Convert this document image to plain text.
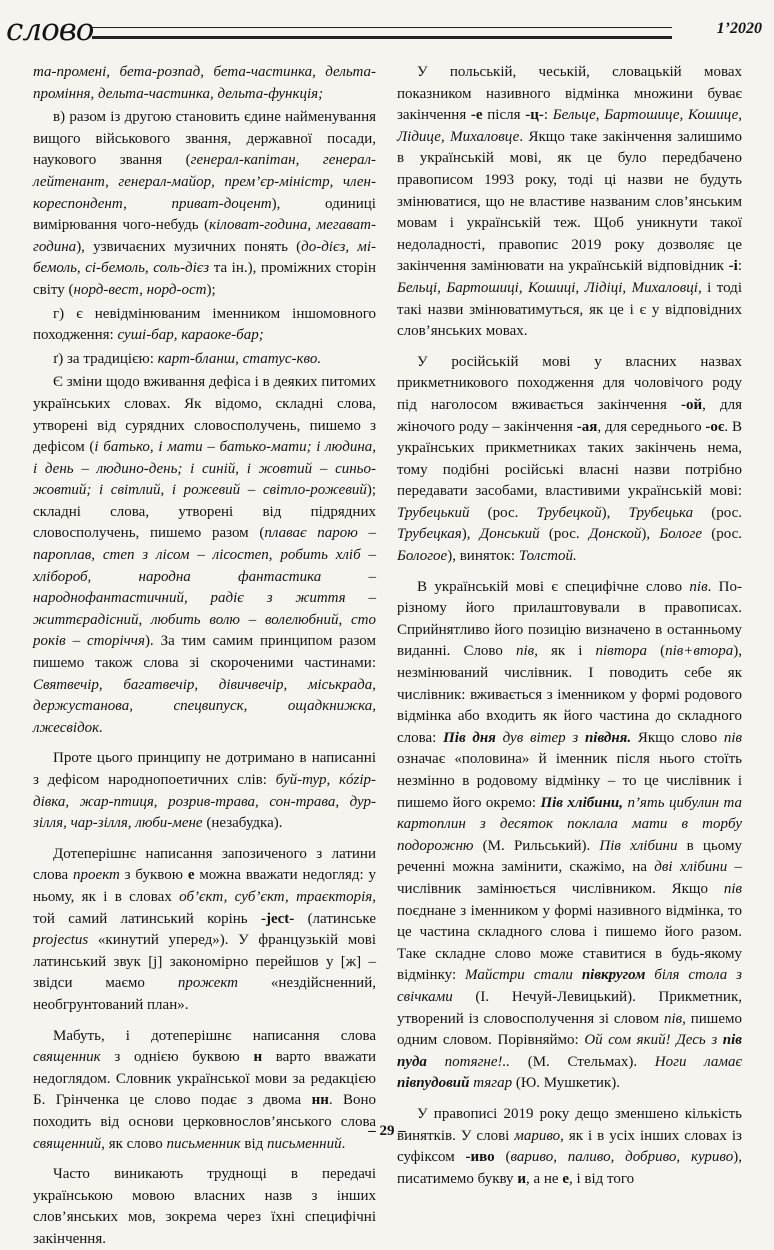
слово	1’2020

та-промені, бета-розпад, бета-частинка, дельта-проміння, дельта-частинка, дельта-функція;

в) разом із другою становить єдине найменування вищого військового звання, державної посади, наукового звання (генерал-капітан, генерал-лейтенант, генерал-майор, прем’єр-міністр, член-кореспондент, приват-доцент), одиниці вимірювання чого-небудь (кіловат-година, мегават-година), узвичаєних музичних понять (до-дієз, мі-бемоль, сі-бемоль, соль-дієз та ін.), проміжних сторін світу (норд-вест, норд-ост);

г) є невідмінюваним іменником іншомовного походження: суші-бар, караоке-бар;

ґ) за традицією: карт-бланш, статус-кво.

Є зміни щодо вживання дефіса і в деяких питомих українських словах. Як відомо, складні слова, утворені від сурядних словосполучень, пишемо з дефісом (і батько, і мати – батько-мати; і людина, і день – людино-день; і синій, і жовтий – синьо-жовтий; і світлий, і рожевий – світло-рожевий); складні слова, утворені від підрядних словосполучень, пишемо разом (плаває парою – пароплав, степ з лісом – лісостеп, робить хліб – хлібороб, народна фантастика – народнофантастичний, радіє з життя – життєрадісний, любить волю – волелюбний, сто років – сторіччя). За тим самим принципом разом пишемо також слова зі скороченими частинами: Святвечір, багатвечір, дівичвечір, міськрада, держустанова, спецвипуск, ощадкнижка, лжесвідок.

Проте цього принципу не дотримано в написанні з дефісом народнопоетичних слів: буй-тур, кózір-дівка, жар-птиця, розрив-трава, сон-трава, дур-зілля, чар-зілля, люби-мене (незабудка).

Дотеперішнє написання запозиченого з латини слова проект з буквою е можна вважати недогляд: у ньому, як і в словах об’єкт, суб’єкт, траєкторія, той самий латинський корінь -ject- (латинське projectus «кинутий уперед»). У французькій мові латинський звук [j] закономірно перейшов у [ж] – звідси маємо прожект «нездійсненний, необгрунтований план».

Мабуть, і дотеперішнє написання слова священник з однією буквою н варто вважати недоглядом. Словник української мови за редакцією Б. Грінченка це слово подає з двома нн. Воно походить від основи церковнослов’янського слова священний, як слово письменник від письменний.

Часто виникають труднощі в передачі українською мовою власних назв з інших слов’янських мов, зокрема через їхні специфічні закінчення.

У польській, чеській, словацькій мовах показником називного відмінка множини буває закінчення -е після -ц-: Бельце, Бартошице, Кошице, Лідице, Михаловце. Якщо таке закінчення залишимо в українській мові, як це було передбачено правописом 1993 року, тоді ці назви не будуть змінюватися, що не властиве названим слов’янським мовам і українській теж. Щоб уникнути такої недоладності, правопис 2019 року дозволяє це закінчення замінювати на українській відповідник -і: Бельці, Бартошиці, Кошиці, Лідіці, Михаловці, і тоді такі назви змінюватимуться, як це і є у відповідних слов’янських мовах.

У російській мові у власних назвах прикметникового походження для чоловічого роду під наголосом вживається закінчення -ой, для жіночого роду – закінчення -ая, для середнього -оє. В українських прикметниках таких закінчень нема, тому подібні російські власні назви потрібно передавати засобами, властивими українській мові: Трубецький (рос. Трубецкой), Трубецька (рос. Трубецкая), Донський (рос. Донской), Бологе (рос. Бологое), виняток: Толстой.

В українській мові є специфічне слово пів. По-різному його прилаштовували в правописах. Сприйнятливо його позицію визначено в останньому виданні. Слово пів, як і півтора (пів+втора), незмінюваний числівник. І поводить себе як числівник: вживається з іменником у формі родового відмінка або входить як його частина до складного слова: Пів дня дув вітер з півдня. Якщо слово пів означає «половина» й іменник після нього стоїть незмінно в родовому відмінку – то це числівник і пишемо його окремо: Пів хлібини, п’ять цибулин та картоплин з десяток поклала мати в торбу подорожню (М. Рильський). Пів хлібини в цьому реченні можна замінити, скажімо, на дві хлібини – числівник замінюється числівником. Якщо пів поєднане з іменником у формі називного відмінка, то це частина складного слова і пишемо його разом. Таке складне слово може ставитися в будь-якому відмінку: Майстри стали півкругом біля стола з свічками (І. Нечуй-Левицький). Прикметник, утворений із словосполучення зі словом пів, пишемо одним словом. Порівняймо: Ой сом який! Десь з пів пуда потягне!.. (М. Стельмах). Ноги ламає півпудовий тягар (Ю. Мушкетик).

У правописі 2019 року дещо зменшено кількість винятків. У слові мариво, як і в усіх інших словах із суфіксом -иво (вариво, паливо, добриво, куриво), писатимемо букву и, а не е, і від того

– 29 –
